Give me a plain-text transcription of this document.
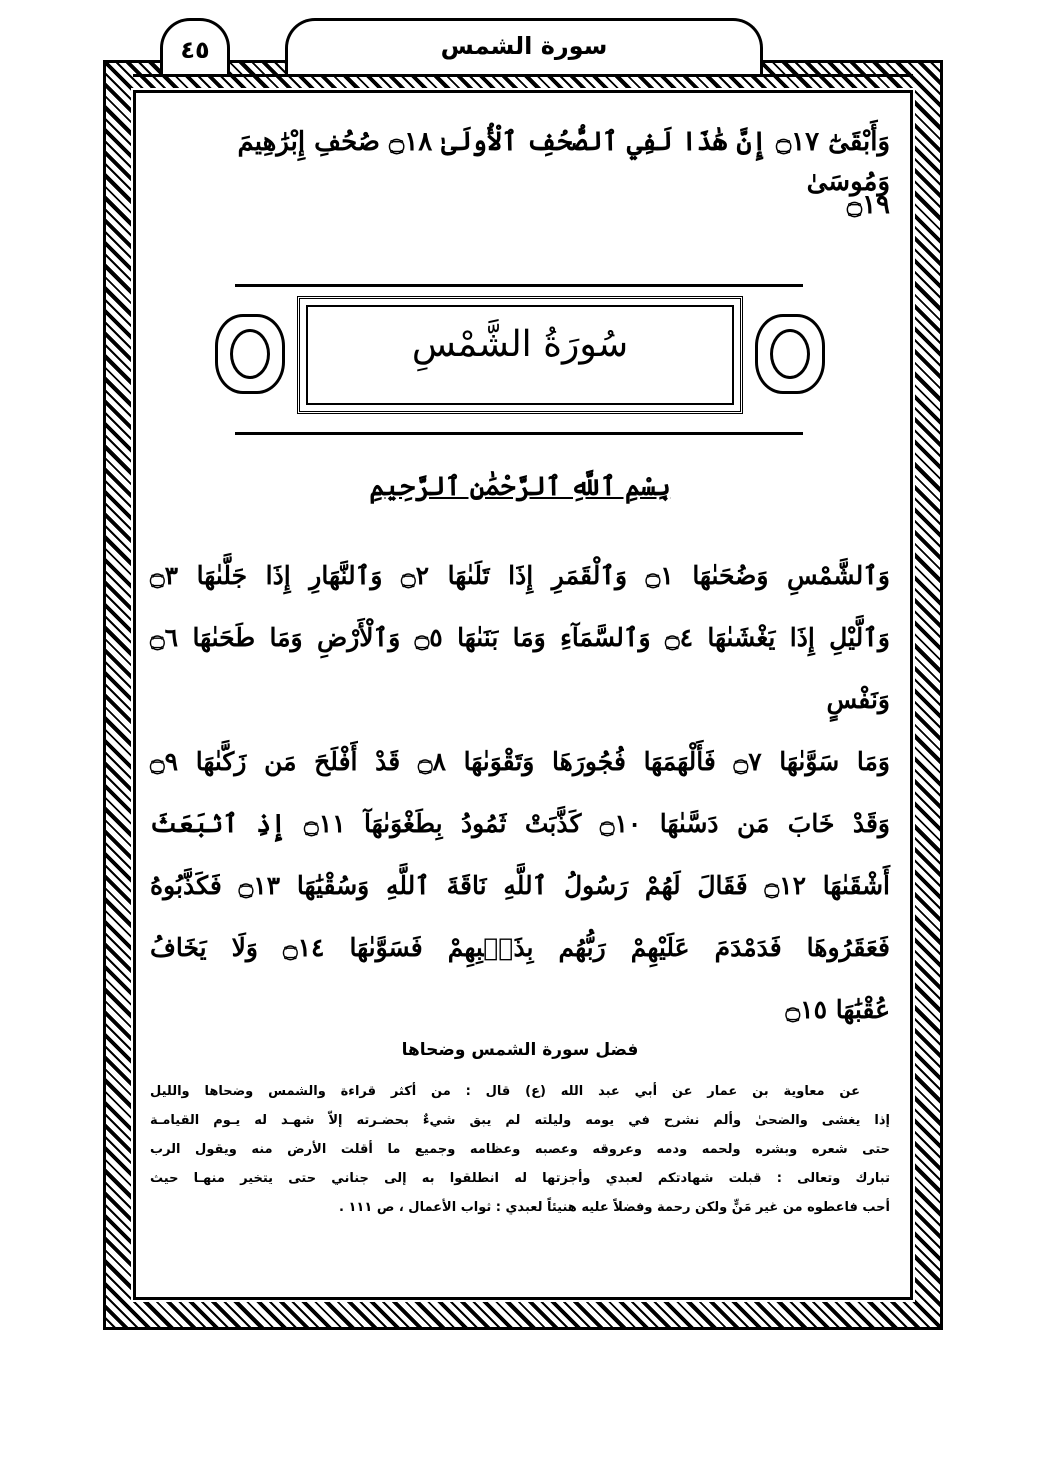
٤٥	سورة الشمس
وَأَبْقَىٰٓ ۝١٧ إِنَّ هَٰذَا لَفِي ٱلصُّحُفِ ٱلْأُولَىٰ ۝١٨ صُحُفِ إِبْرَٰهِيمَ وَمُوسَىٰ
۝١٩
سُورَةُ الشَّمْسِ
بِسْمِ ٱللَّهِ ٱلرَّحْمَٰنِ ٱلرَّحِيمِ
وَٱلشَّمْسِ وَضُحَىٰهَا ۝١ وَٱلْقَمَرِ إِذَا تَلَىٰهَا ۝٢ وَٱلنَّهَارِ إِذَا جَلَّىٰهَا ۝٣
وَٱلَّيْلِ إِذَا يَغْشَىٰهَا ۝٤ وَٱلسَّمَآءِ وَمَا بَنَىٰهَا ۝٥ وَٱلْأَرْضِ وَمَا طَحَىٰهَا ۝٦ وَنَفْسٍ
وَمَا سَوَّىٰهَا ۝٧ فَأَلْهَمَهَا فُجُورَهَا وَتَقْوَىٰهَا ۝٨ قَدْ أَفْلَحَ مَن زَكَّىٰهَا ۝٩
وَقَدْ خَابَ مَن دَسَّىٰهَا ۝١٠ كَذَّبَتْ ثَمُودُ بِطَغْوَىٰهَآ ۝١١ إِذِ ٱنۢبَعَثَ
أَشْقَىٰهَا ۝١٢ فَقَالَ لَهُمْ رَسُولُ ٱللَّهِ نَاقَةَ ٱللَّهِ وَسُقْيَٰهَا ۝١٣ فَكَذَّبُوهُ
فَعَقَرُوهَا فَدَمْدَمَ عَلَيْهِمْ رَبُّهُم بِذَنۢبِهِمْ فَسَوَّىٰهَا ۝١٤ وَلَا يَخَافُ
عُقْبَٰهَا ۝١٥
فضل سورة الشمس وضحاها
عن معاوية بن عمار عن أبي عبد الله (ع) قال : من أكثر قراءة والشمس وضحاها والليل
إذا يغشى والضحىٰ وألم نشرح في يومه وليلته لم يبق شيءٌ بحضـرته إلاّ شهـد له يـوم القيامـة
حتى شعره وبشره ولحمه ودمه وعروقه وعصبه وعظامه وجميع ما أقلت الأرض منه ويقول الرب
تبارك وتعالى : قبلت شهادتكم لعبدي وأجزتها له انطلقوا به إلى جناني حتى يتخير منهـا حيث
أحب فاعطوه من غير مَنٍّ ولكن رحمة وفضلاً عليه هنيئاً لعبدي : ثواب الأعمال ، ص ١١١ .
